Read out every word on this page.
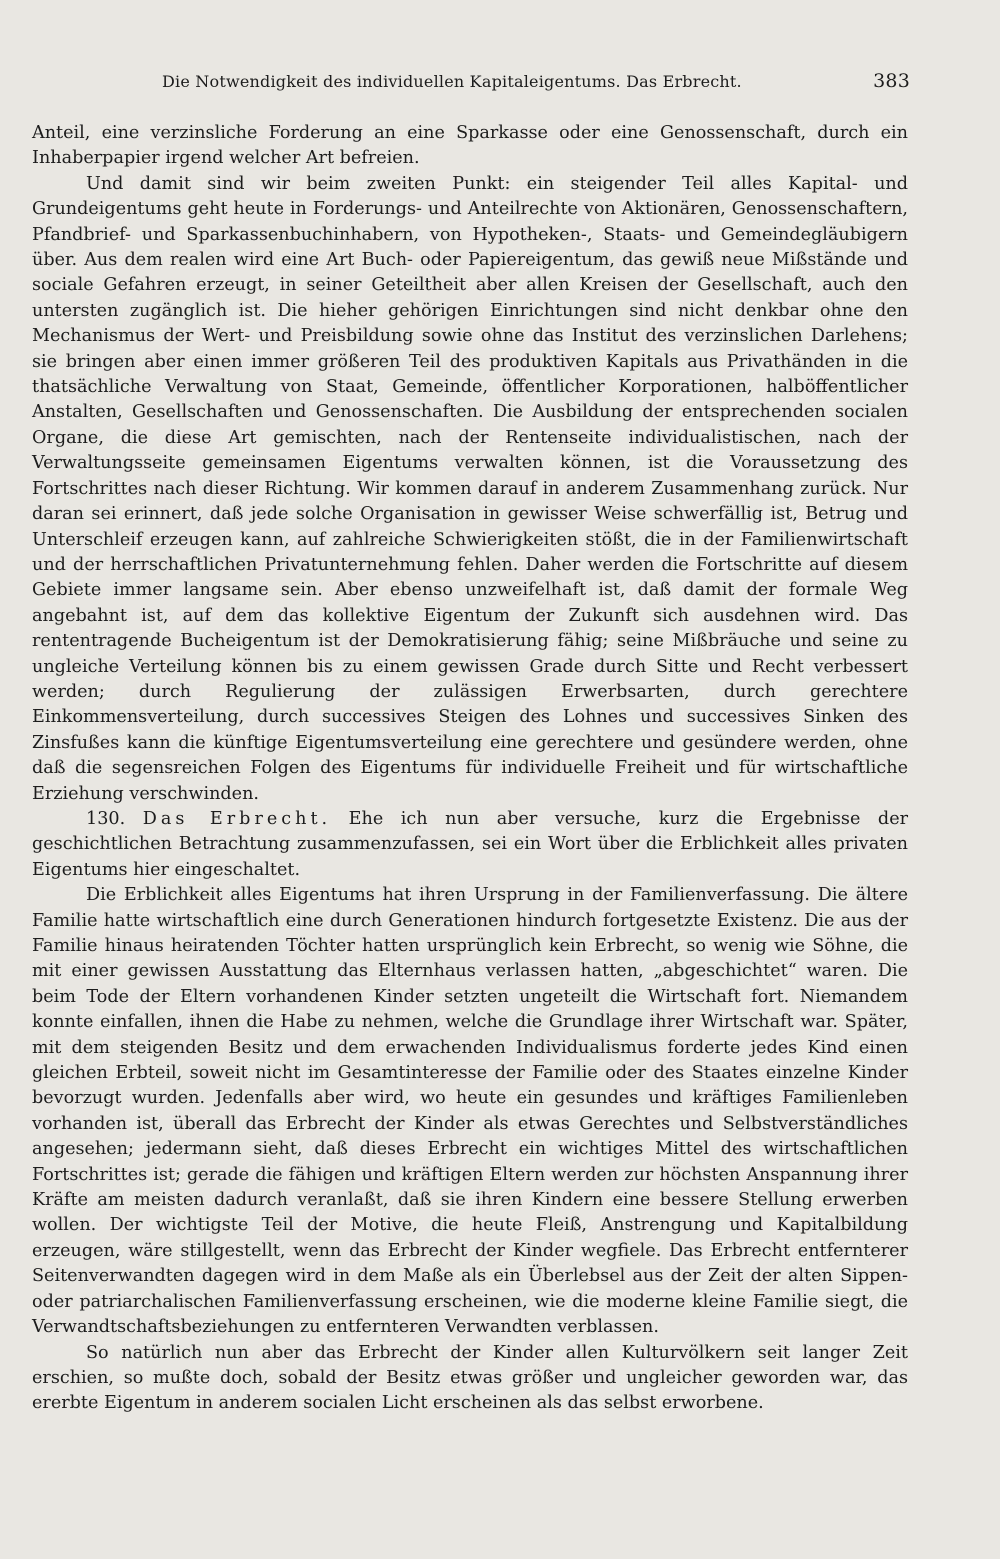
Die Notwendigkeit des individuellen Kapitaleigentums. Das Erbrecht.	383

Anteil, eine verzinsliche Forderung an eine Sparkasse oder eine Genossenschaft, durch ein Inhaberpapier irgend welcher Art befreien.

Und damit sind wir beim zweiten Punkt: ein steigender Teil alles Kapital- und Grundeigentums geht heute in Forderungs- und Anteilrechte von Aktionären, Genossenschaftern, Pfandbrief- und Sparkassenbuchinhabern, von Hypotheken-, Staats- und Gemeindegläubigern über. Aus dem realen wird eine Art Buch- oder Papiereigentum, das gewiß neue Mißstände und sociale Gefahren erzeugt, in seiner Geteiltheit aber allen Kreisen der Gesellschaft, auch den untersten zugänglich ist. Die hieher gehörigen Einrichtungen sind nicht denkbar ohne den Mechanismus der Wert- und Preisbildung sowie ohne das Institut des verzinslichen Darlehens; sie bringen aber einen immer größeren Teil des produktiven Kapitals aus Privathänden in die thatsächliche Verwaltung von Staat, Gemeinde, öffentlicher Korporationen, halböffentlicher Anstalten, Gesellschaften und Genossenschaften. Die Ausbildung der entsprechenden socialen Organe, die diese Art gemischten, nach der Rentenseite individualistischen, nach der Verwaltungsseite gemeinsamen Eigentums verwalten können, ist die Voraussetzung des Fortschrittes nach dieser Richtung. Wir kommen darauf in anderem Zusammenhang zurück. Nur daran sei erinnert, daß jede solche Organisation in gewisser Weise schwerfällig ist, Betrug und Unterschleif erzeugen kann, auf zahlreiche Schwierigkeiten stößt, die in der Familienwirtschaft und der herrschaftlichen Privatunternehmung fehlen. Daher werden die Fortschritte auf diesem Gebiete immer langsame sein. Aber ebenso unzweifelhaft ist, daß damit der formale Weg angebahnt ist, auf dem das kollektive Eigentum der Zukunft sich ausdehnen wird. Das rententragende Bucheigentum ist der Demokratisierung fähig; seine Mißbräuche und seine zu ungleiche Verteilung können bis zu einem gewissen Grade durch Sitte und Recht verbessert werden; durch Regulierung der zulässigen Erwerbsarten, durch gerechtere Einkommensverteilung, durch successives Steigen des Lohnes und successives Sinken des Zinsfußes kann die künftige Eigentumsverteilung eine gerechtere und gesündere werden, ohne daß die segensreichen Folgen des Eigentums für individuelle Freiheit und für wirtschaftliche Erziehung verschwinden.

130. Das Erbrecht. Ehe ich nun aber versuche, kurz die Ergebnisse der geschichtlichen Betrachtung zusammenzufassen, sei ein Wort über die Erblichkeit alles privaten Eigentums hier eingeschaltet.

Die Erblichkeit alles Eigentums hat ihren Ursprung in der Familienverfassung. Die ältere Familie hatte wirtschaftlich eine durch Generationen hindurch fortgesetzte Existenz. Die aus der Familie hinaus heiratenden Töchter hatten ursprünglich kein Erbrecht, so wenig wie Söhne, die mit einer gewissen Ausstattung das Elternhaus verlassen hatten, „abgeschichtet“ waren. Die beim Tode der Eltern vorhandenen Kinder setzten ungeteilt die Wirtschaft fort. Niemandem konnte einfallen, ihnen die Habe zu nehmen, welche die Grundlage ihrer Wirtschaft war. Später, mit dem steigenden Besitz und dem erwachenden Individualismus forderte jedes Kind einen gleichen Erbteil, soweit nicht im Gesamtinteresse der Familie oder des Staates einzelne Kinder bevorzugt wurden. Jedenfalls aber wird, wo heute ein gesundes und kräftiges Familienleben vorhanden ist, überall das Erbrecht der Kinder als etwas Gerechtes und Selbstverständliches angesehen; jedermann sieht, daß dieses Erbrecht ein wichtiges Mittel des wirtschaftlichen Fortschrittes ist; gerade die fähigen und kräftigen Eltern werden zur höchsten Anspannung ihrer Kräfte am meisten dadurch veranlaßt, daß sie ihren Kindern eine bessere Stellung erwerben wollen. Der wichtigste Teil der Motive, die heute Fleiß, Anstrengung und Kapitalbildung erzeugen, wäre stillgestellt, wenn das Erbrecht der Kinder wegfiele. Das Erbrecht entfernterer Seitenverwandten dagegen wird in dem Maße als ein Überlebsel aus der Zeit der alten Sippen- oder patriarchalischen Familienverfassung erscheinen, wie die moderne kleine Familie siegt, die Verwandtschaftsbeziehungen zu entfernteren Verwandten verblassen.

So natürlich nun aber das Erbrecht der Kinder allen Kulturvölkern seit langer Zeit erschien, so mußte doch, sobald der Besitz etwas größer und ungleicher geworden war, das ererbte Eigentum in anderem socialen Licht erscheinen als das selbst erworbene.
